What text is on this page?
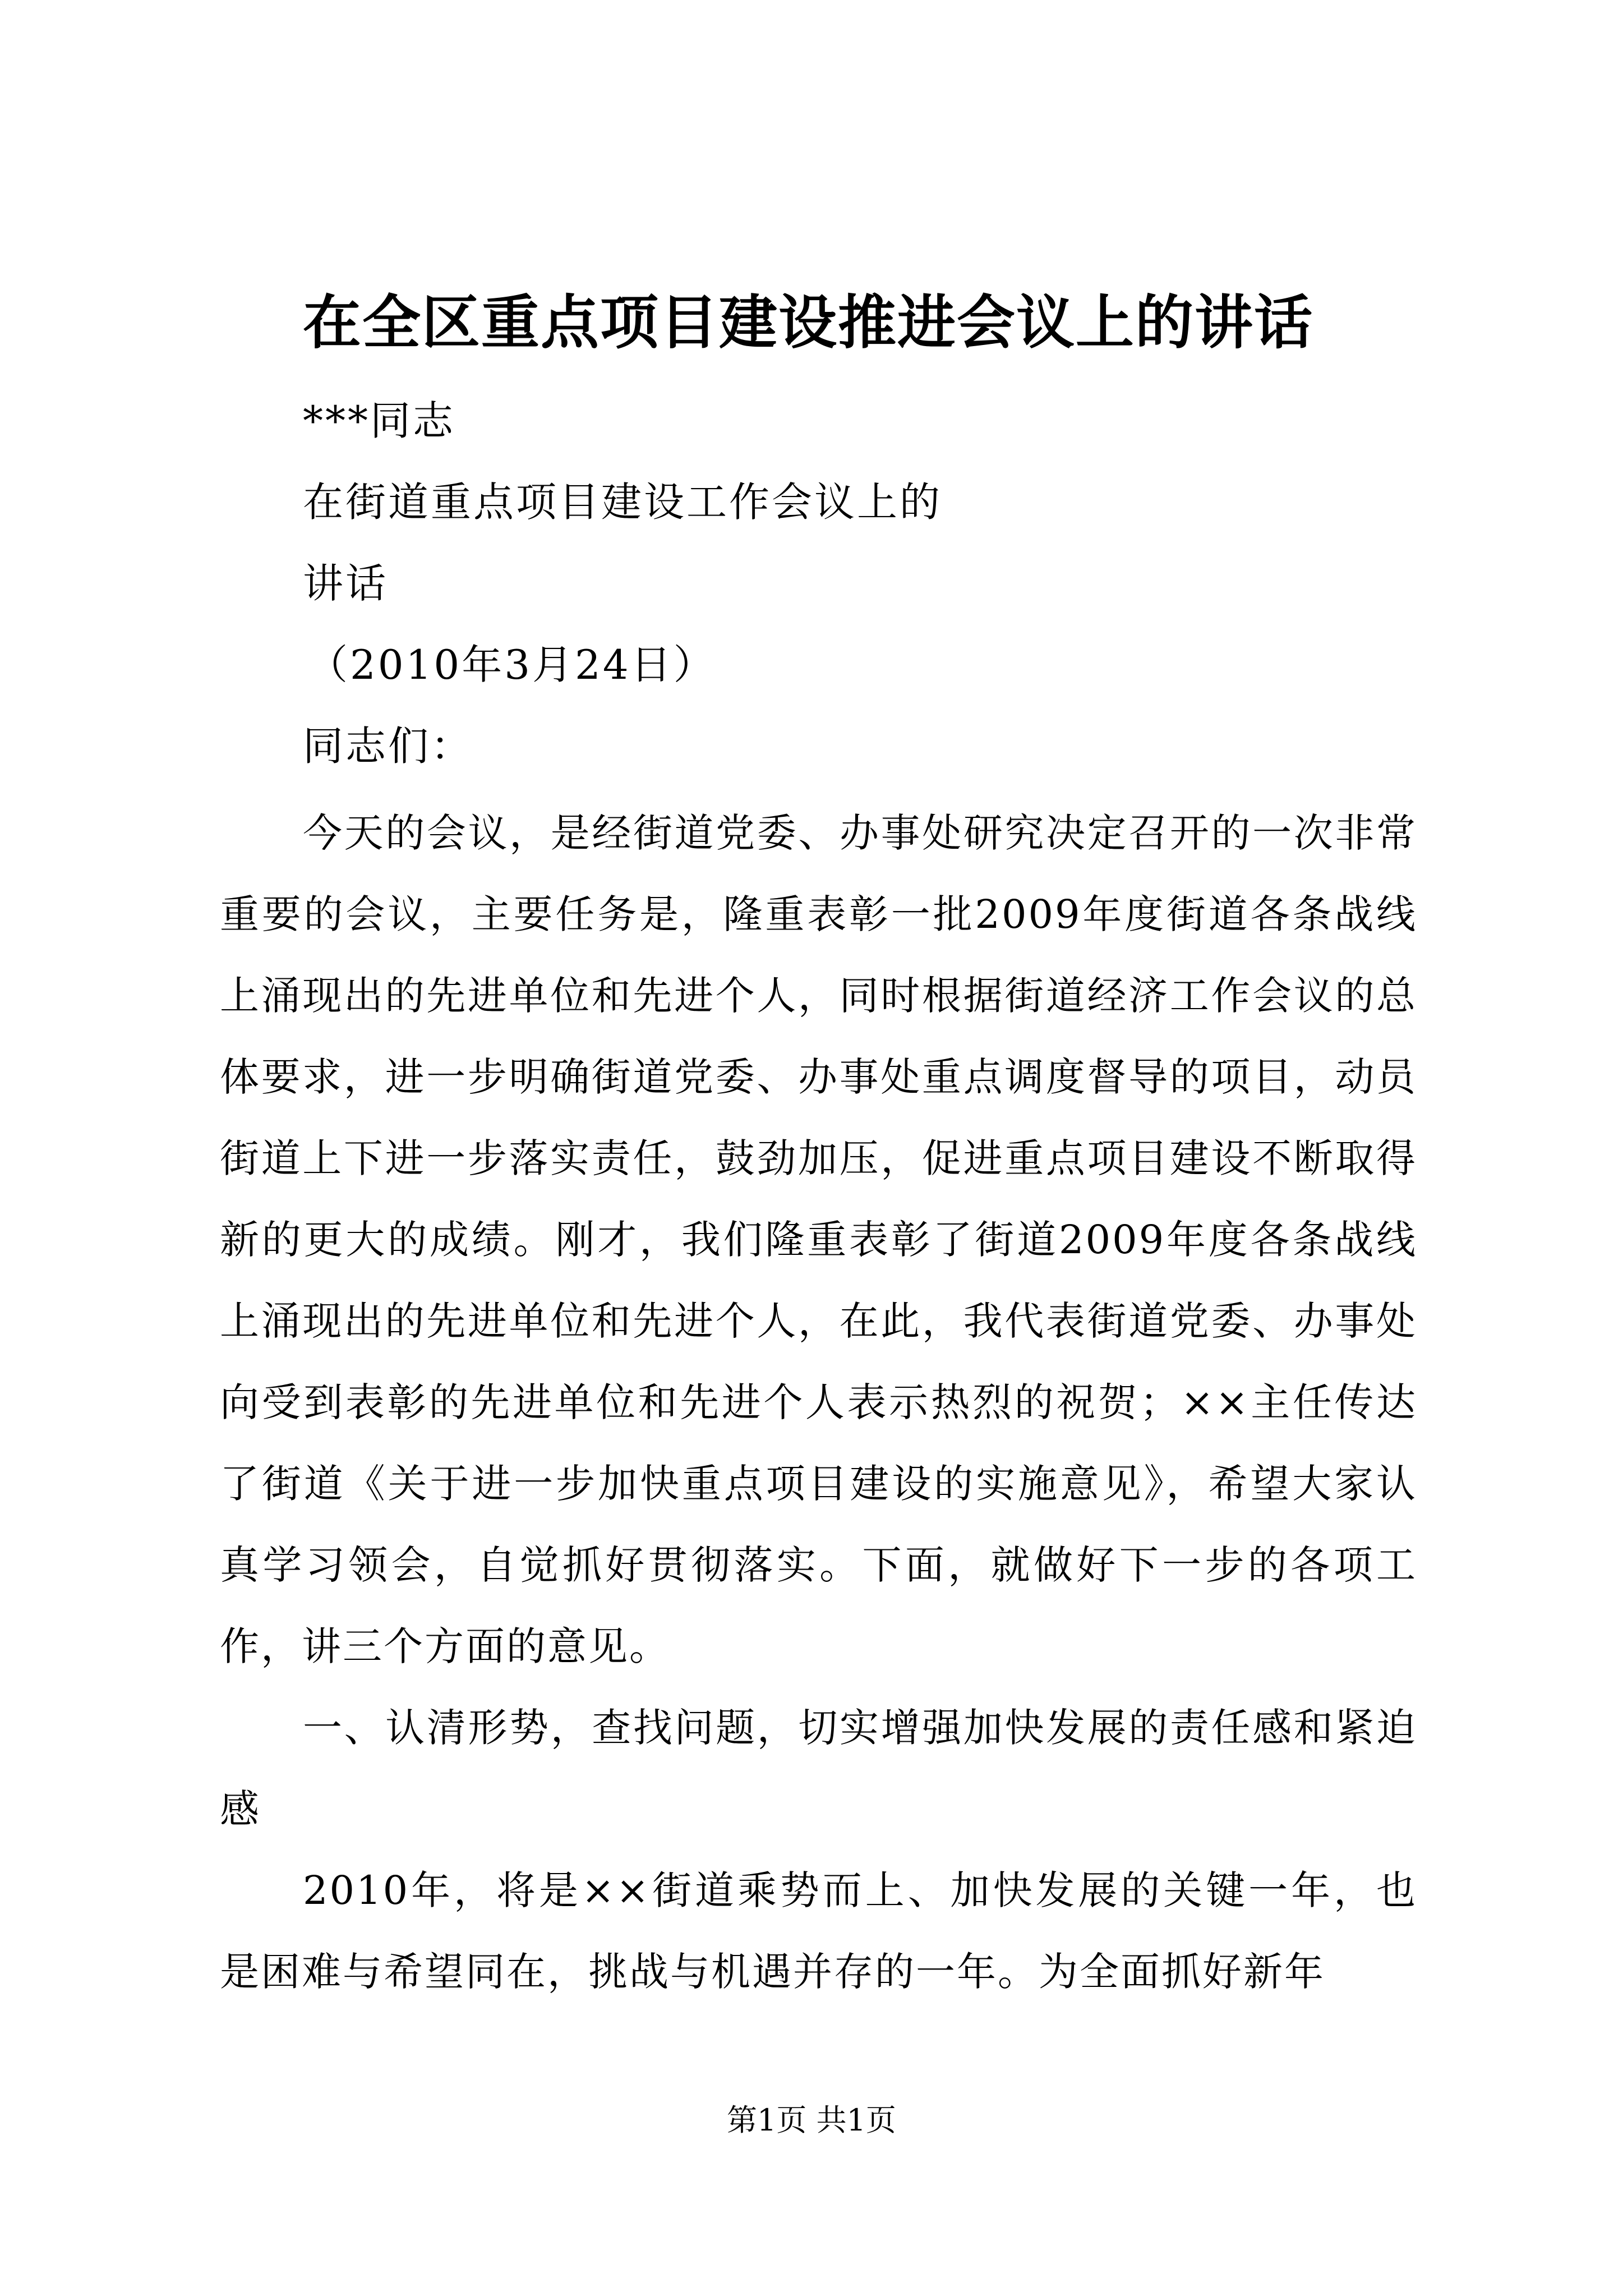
在全区重点项目建设推进会议上的讲话
***同志
在街道重点项目建设工作会议上的
讲话
（2010年3月24日）
同志们：

今天的会议，是经街道党委、办事处研究决定召开的一次非常重要的会议，主要任务是，隆重表彰一批2009年度街道各条战线上涌现出的先进单位和先进个人，同时根据街道经济工作会议的总体要求，进一步明确街道党委、办事处重点调度督导的项目，动员街道上下进一步落实责任，鼓劲加压，促进重点项目建设不断取得新的更大的成绩。刚才，我们隆重表彰了街道2009年度各条战线上涌现出的先进单位和先进个人，在此，我代表街道党委、办事处向受到表彰的先进单位和先进个人表示热烈的祝贺；××主任传达了街道《关于进一步加快重点项目建设的实施意见》，希望大家认真学习领会，自觉抓好贯彻落实。下面，就做好下一步的各项工作，讲三个方面的意见。

一、认清形势，查找问题，切实增强加快发展的责任感和紧迫感

2010年，将是××街道乘势而上、加快发展的关键一年，也是困难与希望同在，挑战与机遇并存的一年。为全面抓好新年

第1页 共1页
